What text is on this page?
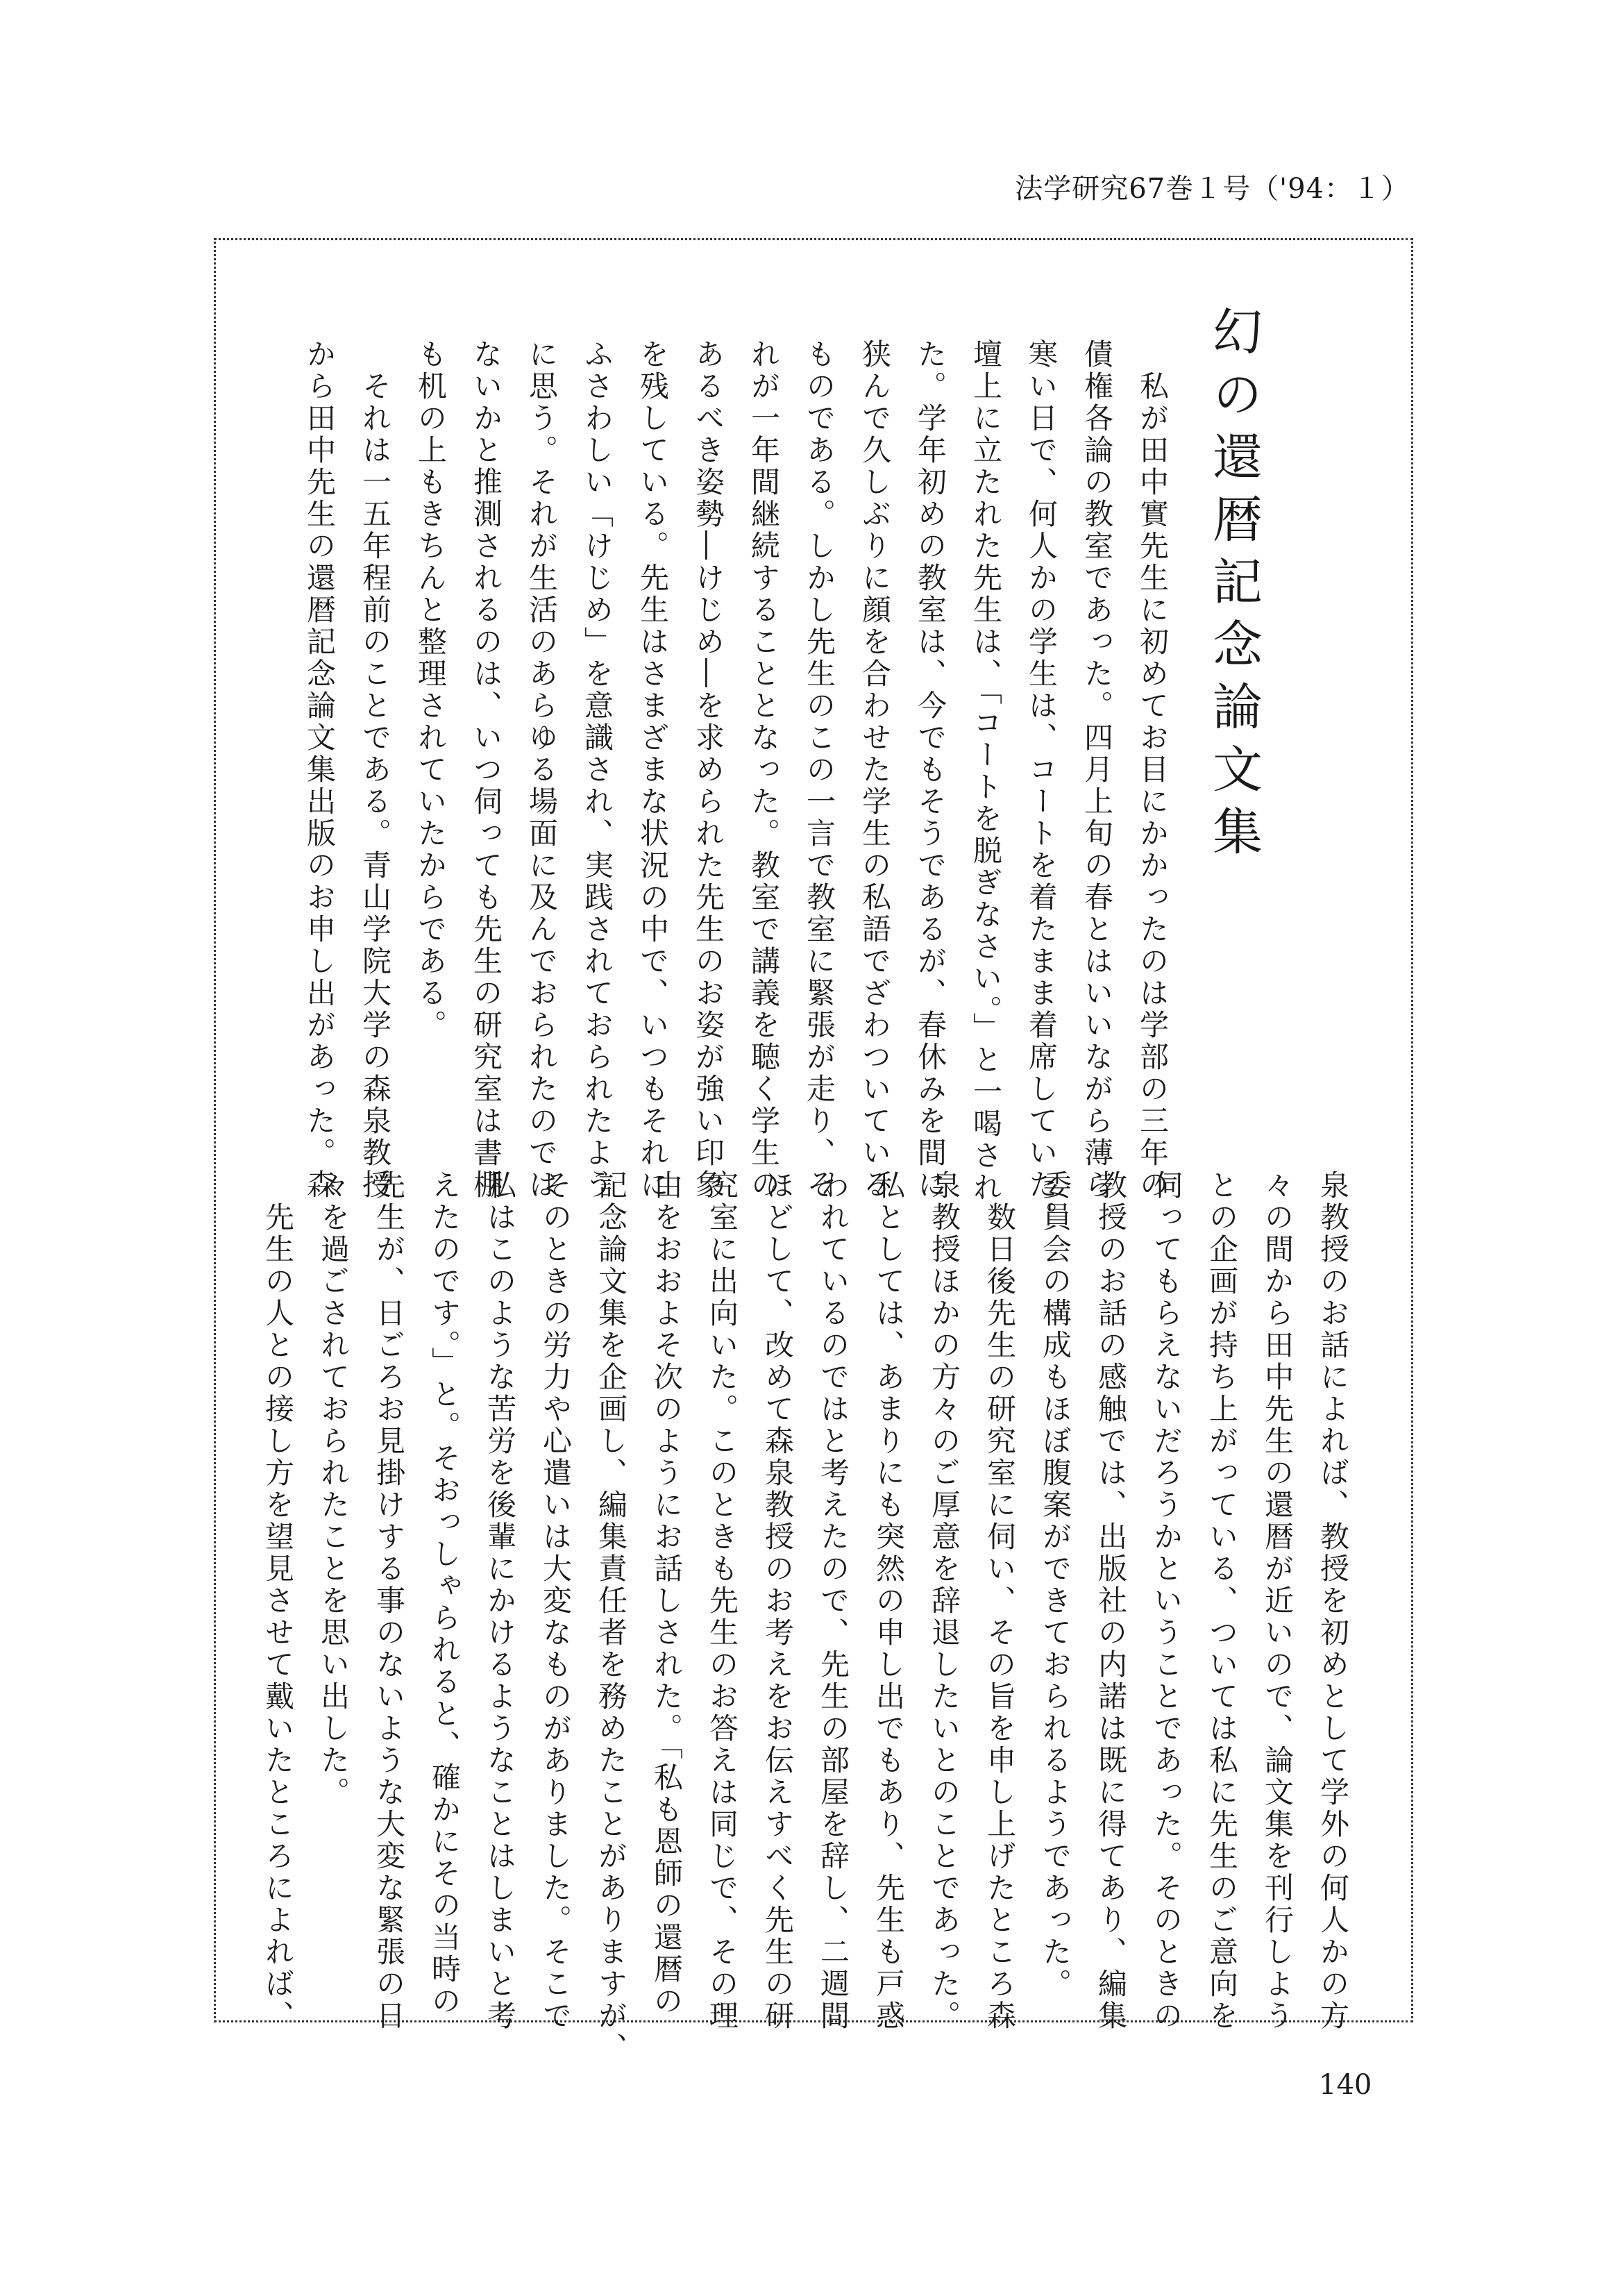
法学研究67巻１号（'94：１）
幻の還暦記念論文集
　私が田中實先生に初めてお目にかかったのは学部の三年の
債権各論の教室であった。四月上旬の春とはいいながら薄ら
寒い日で、何人かの学生は、コートを着たまま着席していた。
壇上に立たれた先生は、「コートを脱ぎなさい。」と一喝され
た。学年初めの教室は、今でもそうであるが、春休みを間に
狭んで久しぶりに顔を合わせた学生の私語でざわついている
ものである。しかし先生のこの一言で教室に緊張が走り、そ
れが一年間継続することとなった。教室で講義を聴く学生の
あるべき姿勢―けじめ―を求められた先生のお姿が強い印象
を残している。先生はさまざまな状況の中で、いつもそれに
ふさわしい「けじめ」を意識され、実践されておられたよう
に思う。それが生活のあらゆる場面に及んでおられたのでは
ないかと推測されるのは、いつ伺っても先生の研究室は書棚
も机の上もきちんと整理されていたからである。
　それは一五年程前のことである。青山学院大学の森泉教授
から田中先生の還暦記念論文集出版のお申し出があった。森
泉教授のお話によれば、教授を初めとして学外の何人かの方
々の間から田中先生の還暦が近いので、論文集を刊行しよう
との企画が持ち上がっている、ついては私に先生のご意向を
伺ってもらえないだろうかということであった。そのときの
教授のお話の感触では、出版社の内諾は既に得てあり、編集
委員会の構成もほぼ腹案ができておられるようであった。
　数日後先生の研究室に伺い、その旨を申し上げたところ森
泉教授ほかの方々のご厚意を辞退したいとのことであった。
私としては、あまりにも突然の申し出でもあり、先生も戸惑
われているのではと考えたので、先生の部屋を辞し、二週間
ほどして、改めて森泉教授のお考えをお伝えすべく先生の研
究室に出向いた。このときも先生のお答えは同じで、その理
由をおおよそ次のようにお話しされた。「私も恩師の還暦の
記念論文集を企画し、編集責任者を務めたことがありますが、
そのときの労力や心遣いは大変なものがありました。そこで
私はこのような苦労を後輩にかけるようなことはしまいと考
えたのです。」と。そおっしゃられると、確かにその当時の
先生が、日ごろお見掛けする事のないような大変な緊張の日
々を過ごされておられたことを思い出した。
　先生の人との接し方を望見させて戴いたところによれば、
140
